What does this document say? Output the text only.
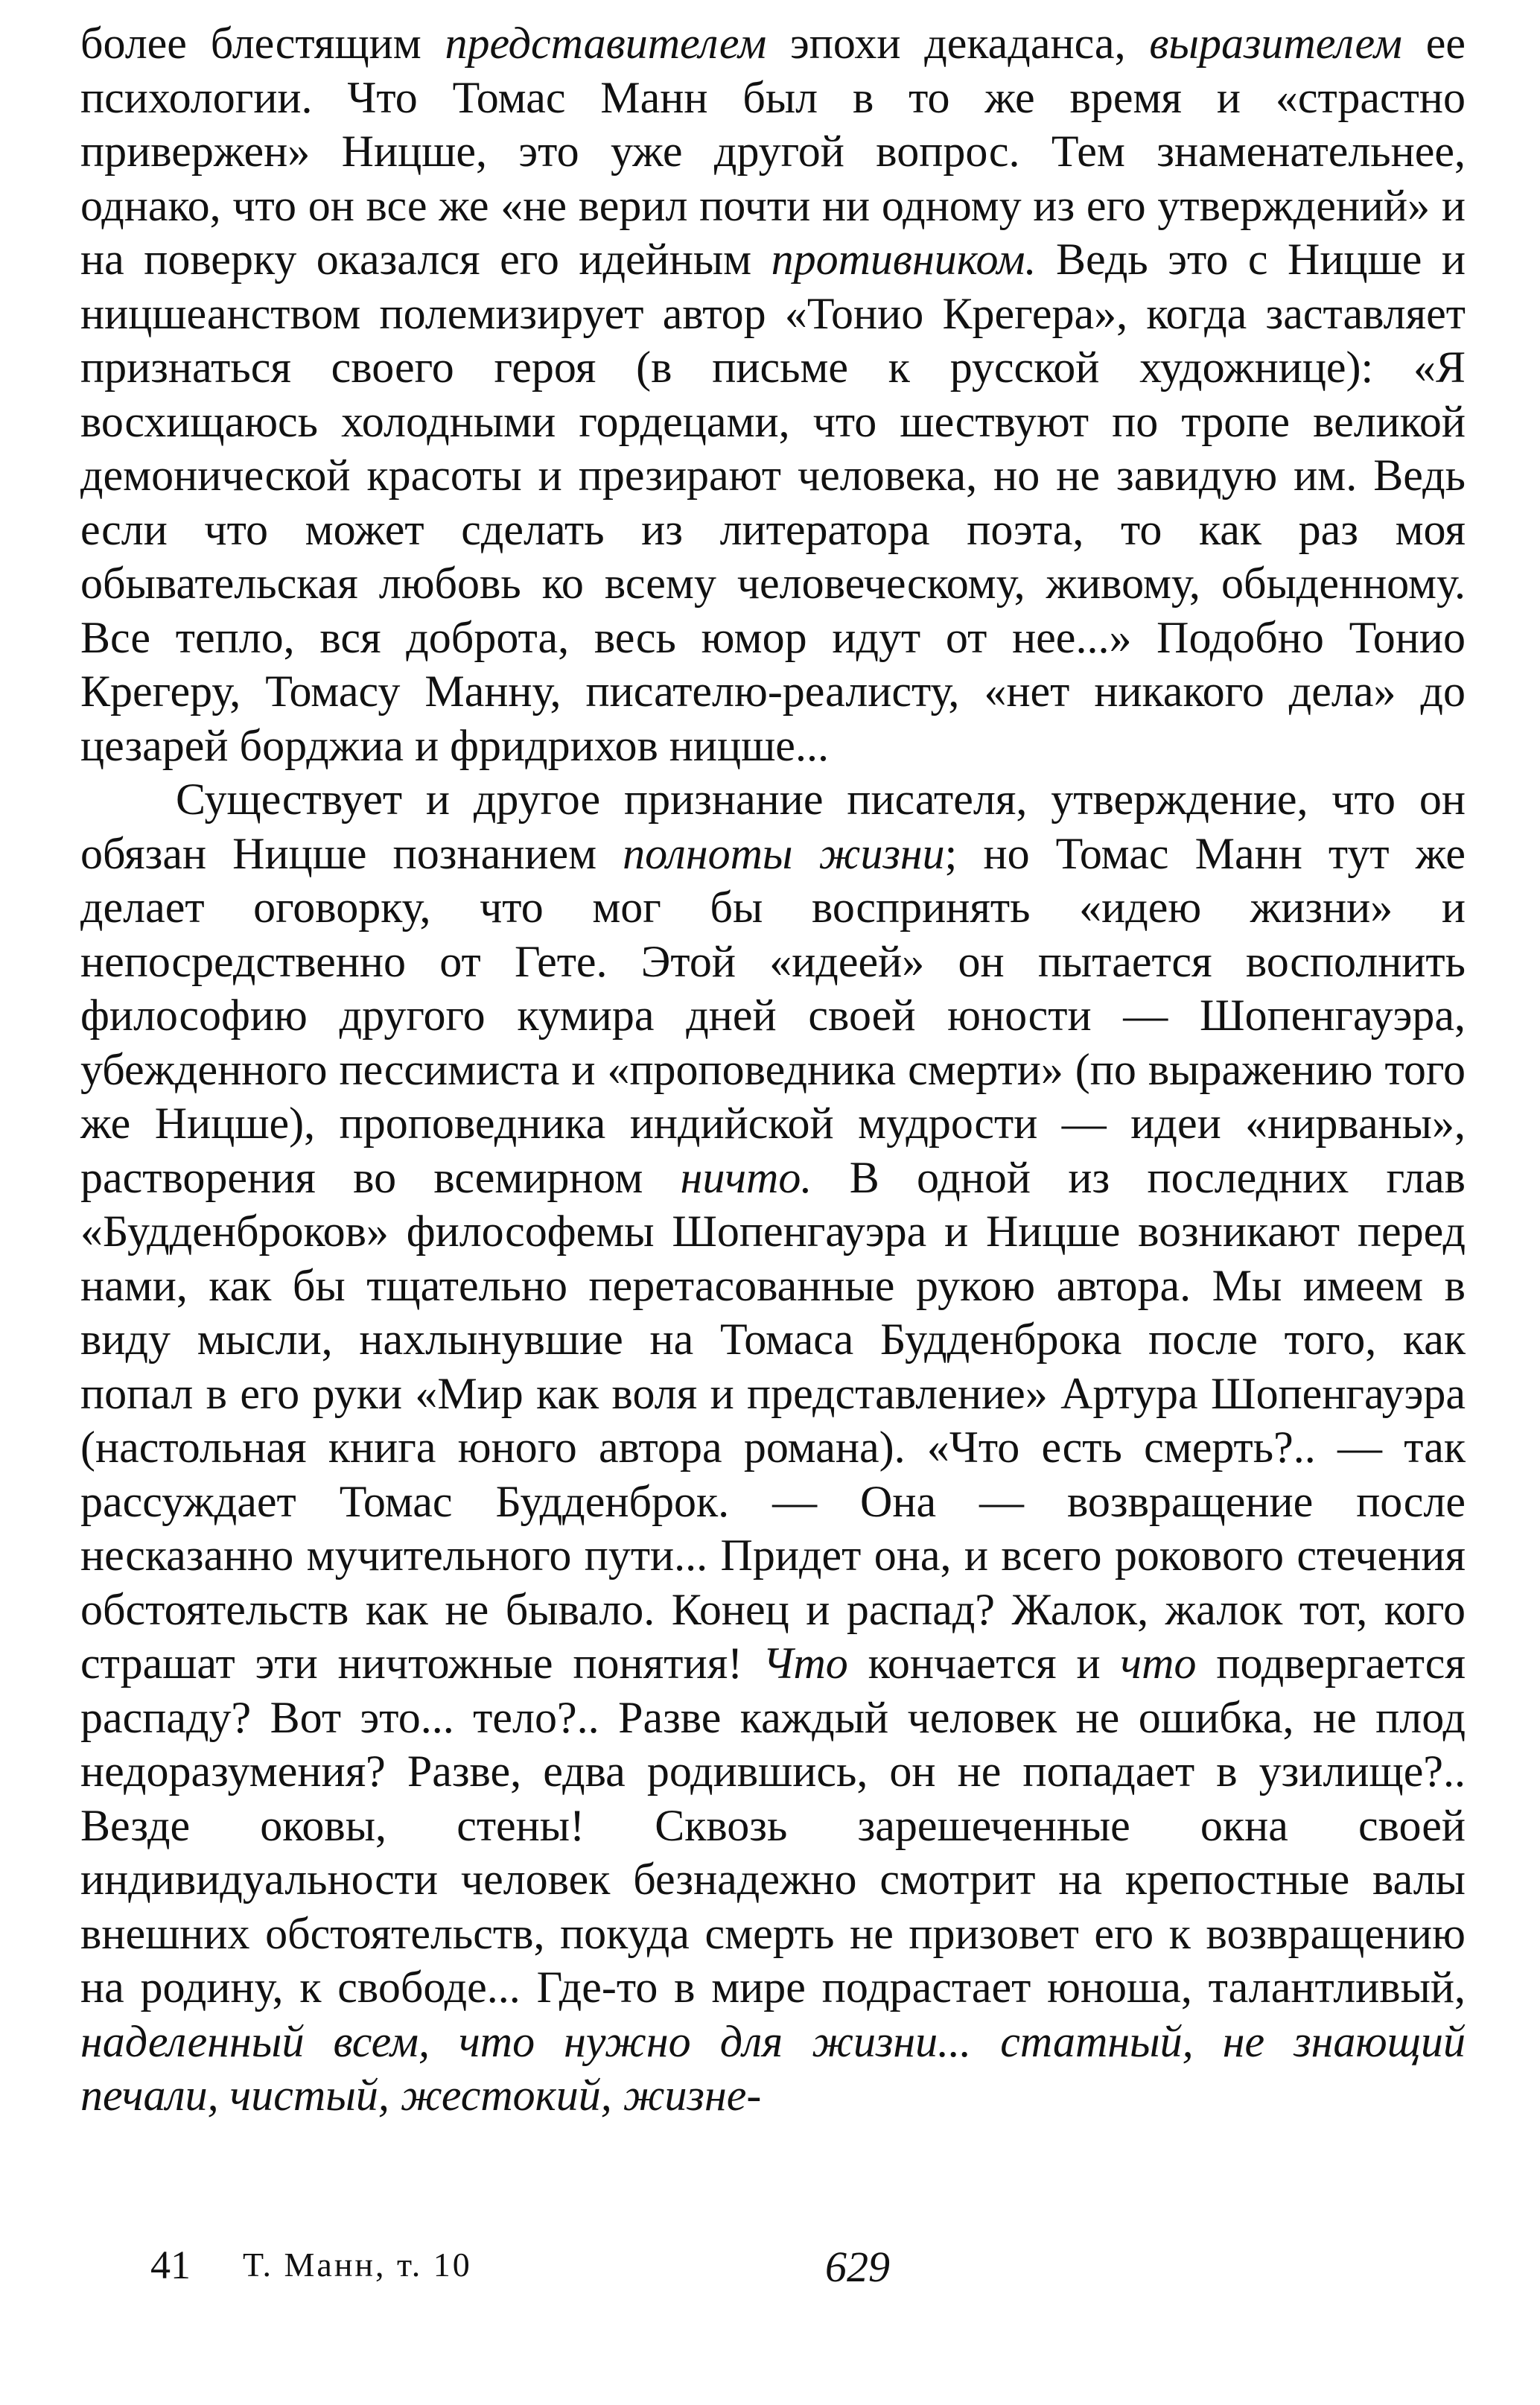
более блестящим представителем эпохи декаданса, выразителем ее психологии. Что Томас Манн был в то же время и «страстно привержен» Ницше, это уже другой вопрос. Тем знаменательнее, однако, что он все же «не верил почти ни одному из его утверждений» и на поверку оказался его идейным противником. Ведь это с Ницше и ницшеанством полемизирует автор «Тонио Крегера», когда заставляет признаться своего героя (в письме к русской художнице): «Я восхищаюсь холодными гордецами, что шествуют по тропе великой демонической красоты и презирают человека, но не завидую им. Ведь если что может сделать из литератора поэта, то как раз моя обывательская любовь ко всему человеческому, живому, обыденному. Все тепло, вся доброта, весь юмор идут от нее...» Подобно Тонио Крегеру, Томасу Манну, писателю-реалисту, «нет никакого дела» до цезарей борджиа и фридрихов ницше...

Существует и другое признание писателя, утверждение, что он обязан Ницше познанием полноты жизни; но Томас Манн тут же делает оговорку, что мог бы воспринять «идею жизни» и непосредственно от Гете. Этой «идеей» он пытается восполнить философию другого кумира дней своей юности — Шопенгауэра, убежденного пессимиста и «проповедника смерти» (по выражению того же Ницше), проповедника индийской мудрости — идеи «нирваны», растворения во всемирном ничто. В одной из последних глав «Будденброков» философемы Шопенгауэра и Ницше возникают перед нами, как бы тщательно перетасованные рукою автора. Мы имеем в виду мысли, нахлынувшие на Томаса Будденброка после того, как попал в его руки «Мир как воля и представление» Артура Шопенгауэра (настольная книга юного автора романа). «Что есть смерть?.. — так рассуждает Томас Будденброк. — Она — возвращение после несказанно мучительного пути... Придет она, и всего рокового стечения обстоятельств как не бывало. Конец и распад? Жалок, жалок тот, кого страшат эти ничтожные понятия! Что кончается и что подвергается распаду? Вот это... тело?.. Разве каждый человек не ошибка, не плод недоразумения? Разве, едва родившись, он не попадает в узилище?.. Везде оковы, стены! Сквозь зарешеченные окна своей индивидуальности человек безнадежно смотрит на крепостные валы внешних обстоятельств, покуда смерть не призовет его к возвращению на родину, к свободе... Где-то в мире подрастает юноша, талантливый, наделенный всем, что нужно для жизни... статный, не знающий печали, чистый, жестокий, жизне-

41 Т. Манн, т. 10	629
